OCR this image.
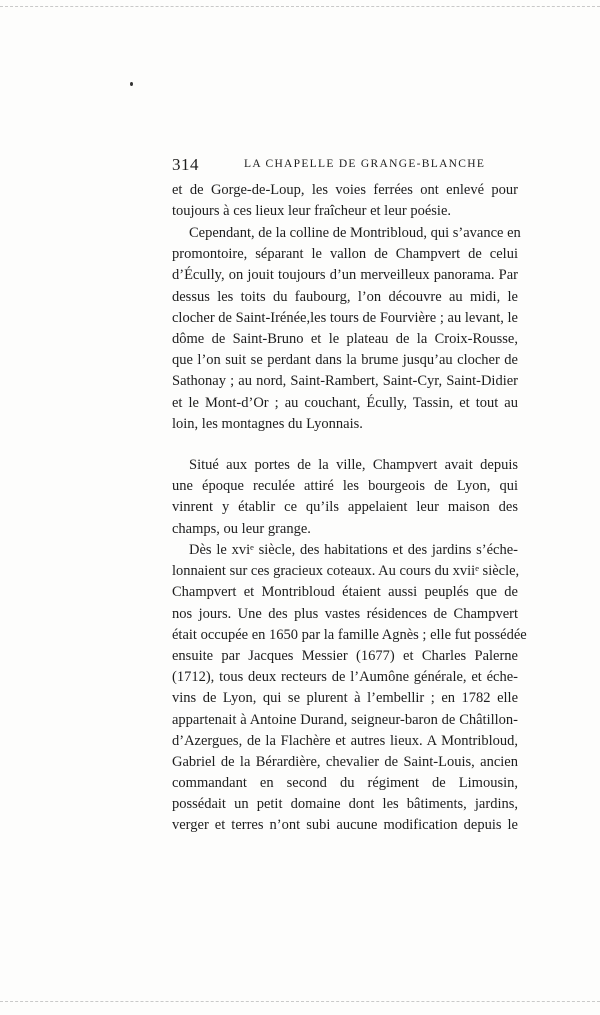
314	LA CHAPELLE DE GRANGE-BLANCHE
et de Gorge-de-Loup, les voies ferrées ont enlevé pour
toujours à ces lieux leur fraîcheur et leur poésie.
Cependant, de la colline de Montribloud, qui s’avance en
promontoire, séparant le vallon de Champvert de celui
d’Écully, on jouit toujours d’un merveilleux panorama. Par
dessus les toits du faubourg, l’on découvre au midi, le
clocher de Saint-Irénée,les tours de Fourvière ; au levant, le
dôme de Saint-Bruno et le plateau de la Croix-Rousse,
que l’on suit se perdant dans la brume jusqu’au clocher de
Sathonay ; au nord, Saint-Rambert, Saint-Cyr, Saint-Didier
et le Mont-d’Or ; au couchant, Écully, Tassin, et tout au
loin, les montagnes du Lyonnais.
Situé aux portes de la ville, Champvert avait depuis
une époque reculée attiré les bourgeois de Lyon, qui
vinrent y établir ce qu’ils appelaient leur maison des
champs, ou leur grange.
Dès le xviᵉ siècle, des habitations et des jardins s’éche-
lonnaient sur ces gracieux coteaux. Au cours du xviiᵉ siècle,
Champvert et Montribloud étaient aussi peuplés que de
nos jours. Une des plus vastes résidences de Champvert
était occupée en 1650 par la famille Agnès ; elle fut possédée
ensuite par Jacques Messier (1677) et Charles Palerne
(1712), tous deux recteurs de l’Aumône générale, et éche-
vins de Lyon, qui se plurent à l’embellir ; en 1782 elle
appartenait à Antoine Durand, seigneur-baron de Châtillon-
d’Azergues, de la Flachère et autres lieux. A Montribloud,
Gabriel de la Bérardière, chevalier de Saint-Louis, ancien
commandant en second du régiment de Limousin,
possédait un petit domaine dont les bâtiments, jardins,
verger et terres n’ont subi aucune modification depuis le
